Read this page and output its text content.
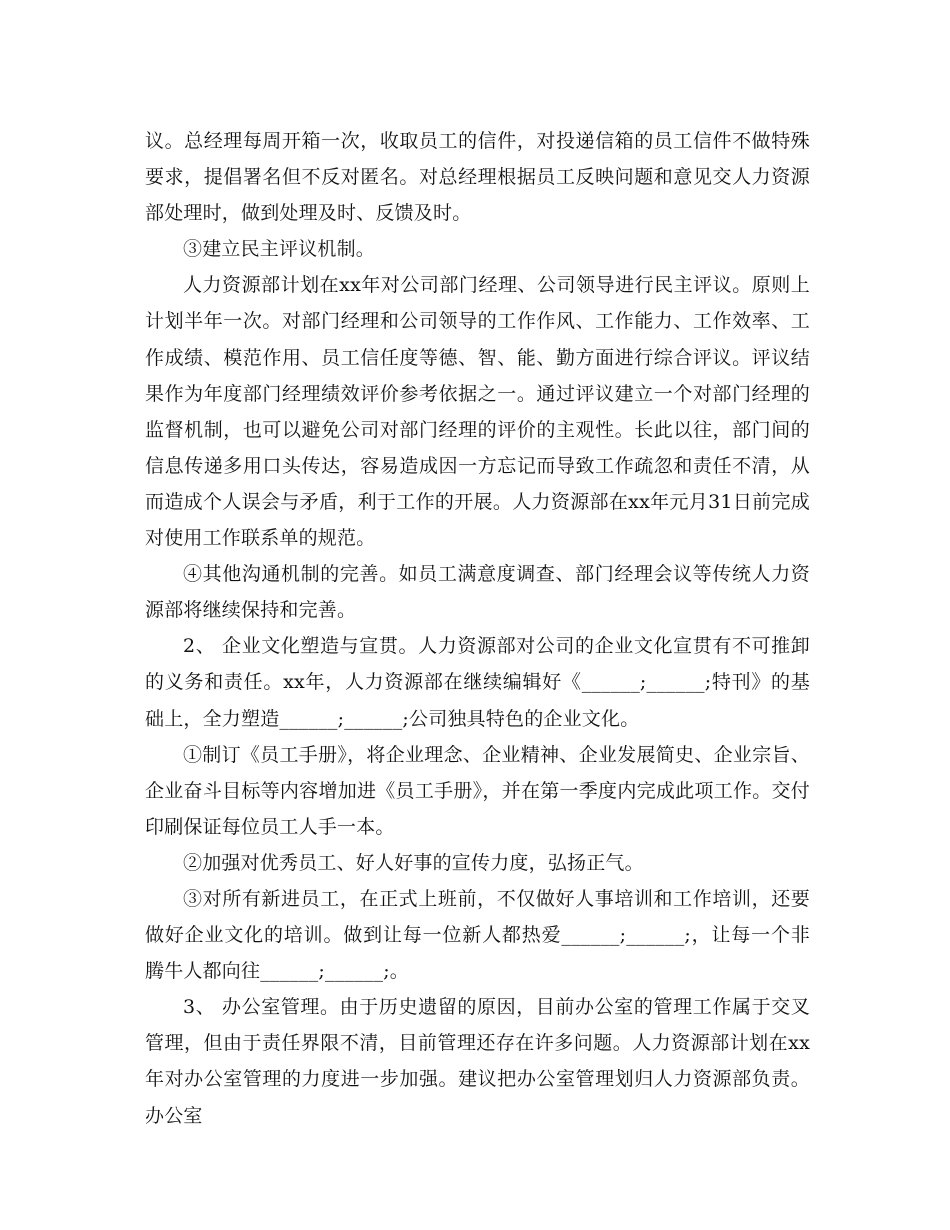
议。总经理每周开箱一次，收取员工的信件，对投递信箱的员工信件不做特殊要求，提倡署名但不反对匿名。对总经理根据员工反映问题和意见交人力资源部处理时，做到处理及时、反馈及时。

③建立民主评议机制。

人力资源部计划在xx年对公司部门经理、公司领导进行民主评议。原则上计划半年一次。对部门经理和公司领导的工作作风、工作能力、工作效率、工作成绩、模范作用、员工信任度等德、智、能、勤方面进行综合评议。评议结果作为年度部门经理绩效评价参考依据之一。通过评议建立一个对部门经理的监督机制，也可以避免公司对部门经理的评价的主观性。长此以往，部门间的信息传递多用口头传达，容易造成因一方忘记而导致工作疏忽和责任不清，从而造成个人误会与矛盾，利于工作的开展。人力资源部在xx年元月31日前完成对使用工作联系单的规范。

④其他沟通机制的完善。如员工满意度调查、部门经理会议等传统人力资源部将继续保持和完善。

2、 企业文化塑造与宣贯。人力资源部对公司的企业文化宣贯有不可推卸的义务和责任。xx年，人力资源部在继续编辑好《______;______;特刊》的基础上，全力塑造______;______;公司独具特色的企业文化。

①制订《员工手册》，将企业理念、企业精神、企业发展简史、企业宗旨、企业奋斗目标等内容增加进《员工手册》，并在第一季度内完成此项工作。交付印刷保证每位员工人手一本。

②加强对优秀员工、好人好事的宣传力度，弘扬正气。

③对所有新进员工，在正式上班前，不仅做好人事培训和工作培训，还要做好企业文化的培训。做到让每一位新人都热爱______;______;，让每一个非腾牛人都向往______;______;。

3、 办公室管理。由于历史遗留的原因，目前办公室的管理工作属于交叉管理，但由于责任界限不清，目前管理还存在许多问题。人力资源部计划在xx年对办公室管理的力度进一步加强。建议把办公室管理划归人力资源部负责。办公室
